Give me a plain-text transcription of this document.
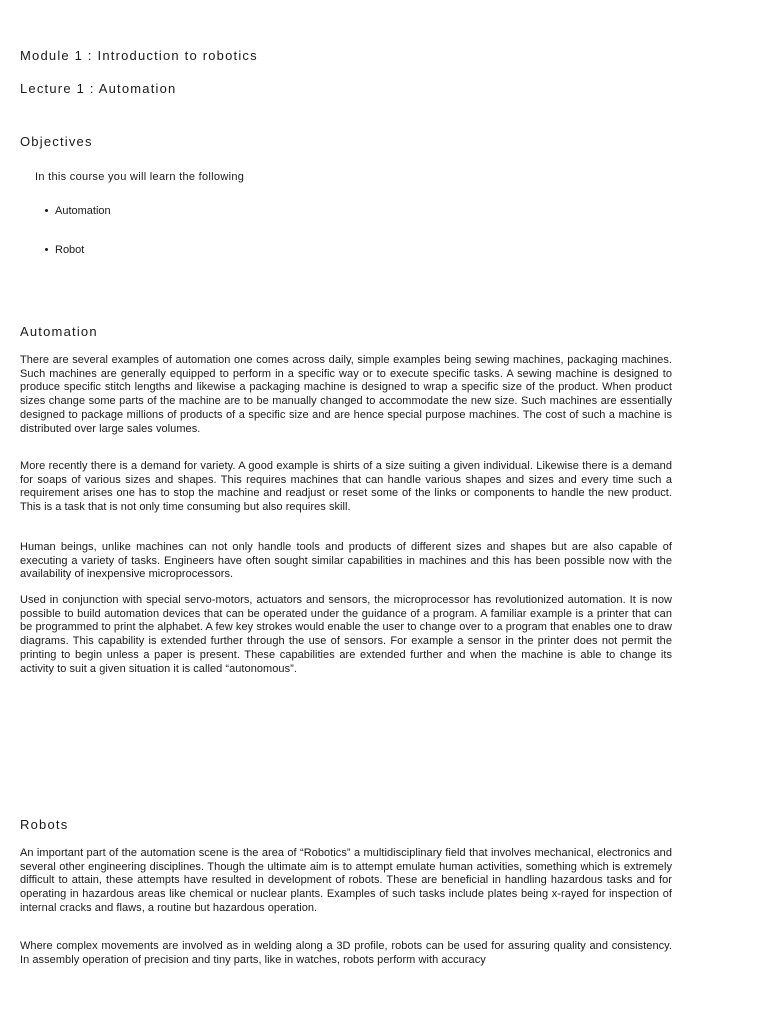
Module 1 : Introduction to robotics
Lecture 1 : Automation
Objectives

In this course you will learn the following

Automation
Robot
Automation

There are several examples of automation one comes across daily, simple examples being sewing machines, packaging machines. Such machines are generally equipped to perform in a specific way or to execute specific tasks. A sewing machine is designed to produce specific stitch lengths and likewise a packaging machine is designed to wrap a specific size of the product. When product sizes change some parts of the machine are to be manually changed to accommodate the new size. Such machines are essentially designed to package millions of products of a specific size and are hence special purpose machines. The cost of such a machine is distributed over large sales volumes.

More recently there is a demand for variety. A good example is shirts of a size suiting a given individual. Likewise there is a demand for soaps of various sizes and shapes. This requires machines that can handle various shapes and sizes and every time such a requirement arises one has to stop the machine and readjust or reset some of the links or components to handle the new product. This is a task that is not only time consuming but also requires skill.

Human beings, unlike machines can not only handle tools and products of different sizes and shapes but are also capable of executing a variety of tasks. Engineers have often sought similar capabilities in machines and this has been possible now with the availability of inexpensive microprocessors.

Used in conjunction with special servo-motors, actuators and sensors, the microprocessor has revolutionized automation. It is now possible to build automation devices that can be operated under the guidance of a program. A familiar example is a printer that can be programmed to print the alphabet. A few key strokes would enable the user to change over to a program that enables one to draw diagrams. This capability is extended further through the use of sensors. For example a sensor in the printer does not permit the printing to begin unless a paper is present. These capabilities are extended further and when the machine is able to change its activity to suit a given situation it is called “autonomous”.

Robots

An important part of the automation scene is the area of “Robotics” a multidisciplinary field that involves mechanical, electronics and several other engineering disciplines. Though the ultimate aim is to attempt emulate human activities, something which is extremely difficult to attain, these attempts have resulted in development of robots. These are beneficial in handling hazardous tasks and for operating in hazardous areas like chemical or nuclear plants. Examples of such tasks include plates being x-rayed for inspection of internal cracks and flaws, a routine but hazardous operation.

Where complex movements are involved as in welding along a 3D profile, robots can be used for assuring quality and consistency. In assembly operation of precision and tiny parts, like in watches, robots perform with accuracy
